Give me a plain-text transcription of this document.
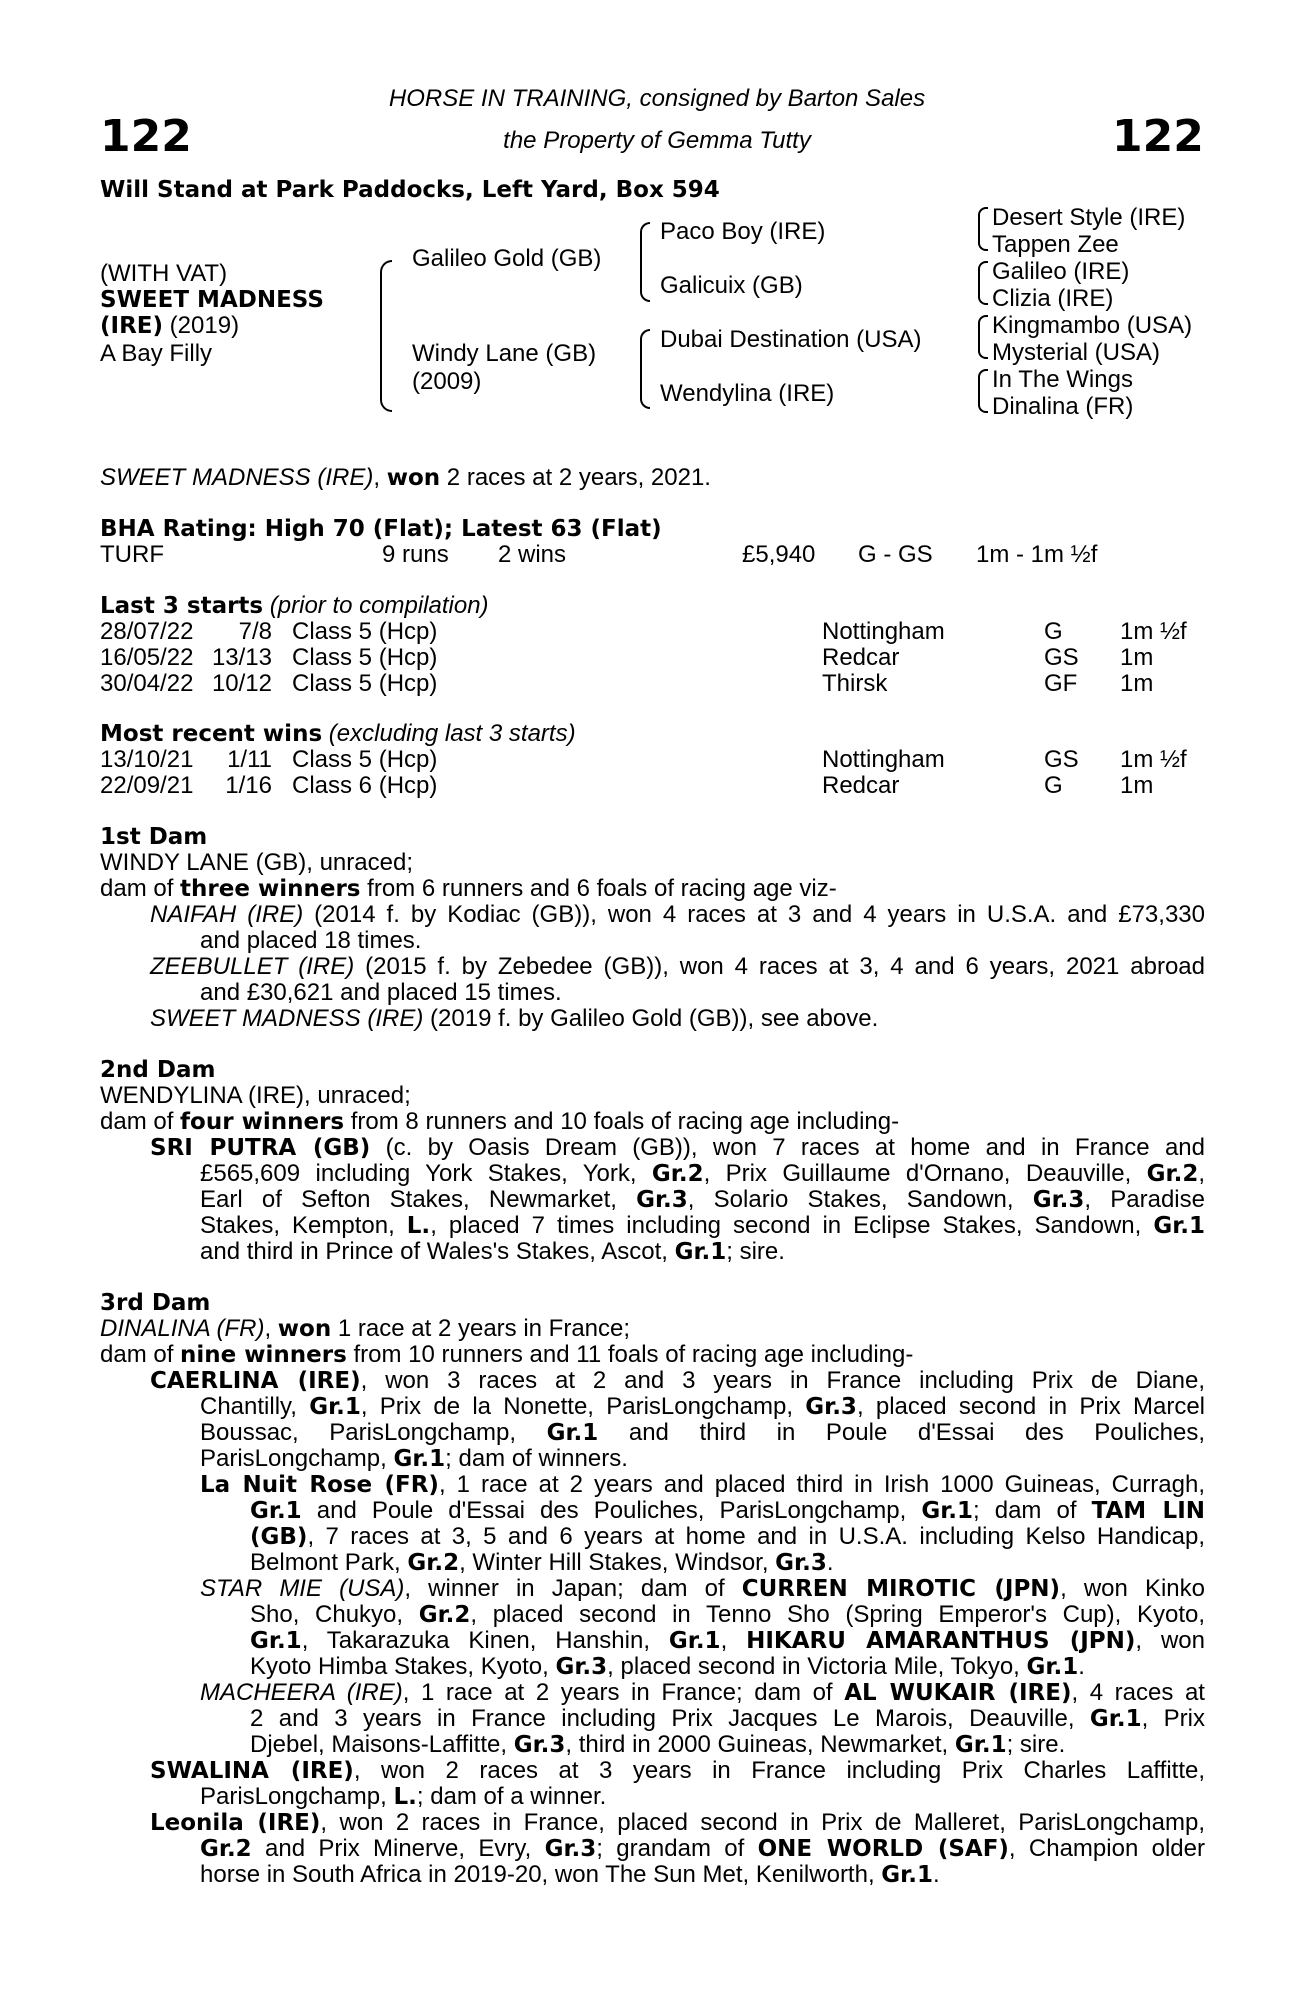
122	122
HORSE IN TRAINING, consigned by Barton Sales
the Property of Gemma Tutty
Will Stand at Park Paddocks, Left Yard, Box 594
(WITH VAT)
SWEET MADNESS
(IRE) (2019)
A Bay Filly
Galileo Gold (GB)
Windy Lane (GB)
(2009)
Paco Boy (IRE)
Galicuix (GB)
Dubai Destination (USA)
Wendylina (IRE)
Desert Style (IRE)
Tappen Zee
Galileo (IRE)
Clizia (IRE)
Kingmambo (USA)
Mysterial (USA)
In The Wings
Dinalina (FR)
SWEET MADNESS (IRE), won 2 races at 2 years, 2021.
BHA Rating: High 70 (Flat); Latest 63 (Flat)
TURF	9 runs 2 wins	£5,940 G - GS 1m - 1m ½f
Last 3 starts (prior to compilation)
28/07/22	7/8 Class 5 (Hcp)	Nottingham	G 1m ½f
16/05/22 13/13 Class 5 (Hcp)	Redcar	GS 1m
30/04/22 10/12 Class 5 (Hcp)	Thirsk	GF 1m
Most recent wins (excluding last 3 starts)
13/10/21	1/11 Class 5 (Hcp)	Nottingham	GS 1m ½f
22/09/21	1/16 Class 6 (Hcp)	Redcar	G 1m
1st Dam
WINDY LANE (GB), unraced;
dam of three winners from 6 runners and 6 foals of racing age viz-
NAIFAH (IRE) (2014 f. by Kodiac (GB)), won 4 races at 3 and 4 years in U.S.A. and £73,330
and placed 18 times.
ZEEBULLET (IRE) (2015 f. by Zebedee (GB)), won 4 races at 3, 4 and 6 years, 2021 abroad
and £30,621 and placed 15 times.
SWEET MADNESS (IRE) (2019 f. by Galileo Gold (GB)), see above.
2nd Dam
WENDYLINA (IRE), unraced;
dam of four winners from 8 runners and 10 foals of racing age including-
SRI PUTRA (GB) (c. by Oasis Dream (GB)), won 7 races at home and in France and
£565,609 including York Stakes, York, Gr.2, Prix Guillaume d'Ornano, Deauville, Gr.2,
Earl of Sefton Stakes, Newmarket, Gr.3, Solario Stakes, Sandown, Gr.3, Paradise
Stakes, Kempton, L., placed 7 times including second in Eclipse Stakes, Sandown, Gr.1
and third in Prince of Wales's Stakes, Ascot, Gr.1; sire.
3rd Dam
DINALINA (FR), won 1 race at 2 years in France;
dam of nine winners from 10 runners and 11 foals of racing age including-
CAERLINA (IRE), won 3 races at 2 and 3 years in France including Prix de Diane,
Chantilly, Gr.1, Prix de la Nonette, ParisLongchamp, Gr.3, placed second in Prix Marcel
Boussac, ParisLongchamp, Gr.1 and third in Poule d'Essai des Pouliches,
ParisLongchamp, Gr.1; dam of winners.
La Nuit Rose (FR), 1 race at 2 years and placed third in Irish 1000 Guineas, Curragh,
Gr.1 and Poule d'Essai des Pouliches, ParisLongchamp, Gr.1; dam of TAM LIN
(GB), 7 races at 3, 5 and 6 years at home and in U.S.A. including Kelso Handicap,
Belmont Park, Gr.2, Winter Hill Stakes, Windsor, Gr.3.
STAR MIE (USA), winner in Japan; dam of CURREN MIROTIC (JPN), won Kinko
Sho, Chukyo, Gr.2, placed second in Tenno Sho (Spring Emperor's Cup), Kyoto,
Gr.1, Takarazuka Kinen, Hanshin, Gr.1, HIKARU AMARANTHUS (JPN), won
Kyoto Himba Stakes, Kyoto, Gr.3, placed second in Victoria Mile, Tokyo, Gr.1.
MACHEERA (IRE), 1 race at 2 years in France; dam of AL WUKAIR (IRE), 4 races at
2 and 3 years in France including Prix Jacques Le Marois, Deauville, Gr.1, Prix
Djebel, Maisons-Laffitte, Gr.3, third in 2000 Guineas, Newmarket, Gr.1; sire.
SWALINA (IRE), won 2 races at 3 years in France including Prix Charles Laffitte,
ParisLongchamp, L.; dam of a winner.
Leonila (IRE), won 2 races in France, placed second in Prix de Malleret, ParisLongchamp,
Gr.2 and Prix Minerve, Evry, Gr.3; grandam of ONE WORLD (SAF), Champion older
horse in South Africa in 2019-20, won The Sun Met, Kenilworth, Gr.1.
